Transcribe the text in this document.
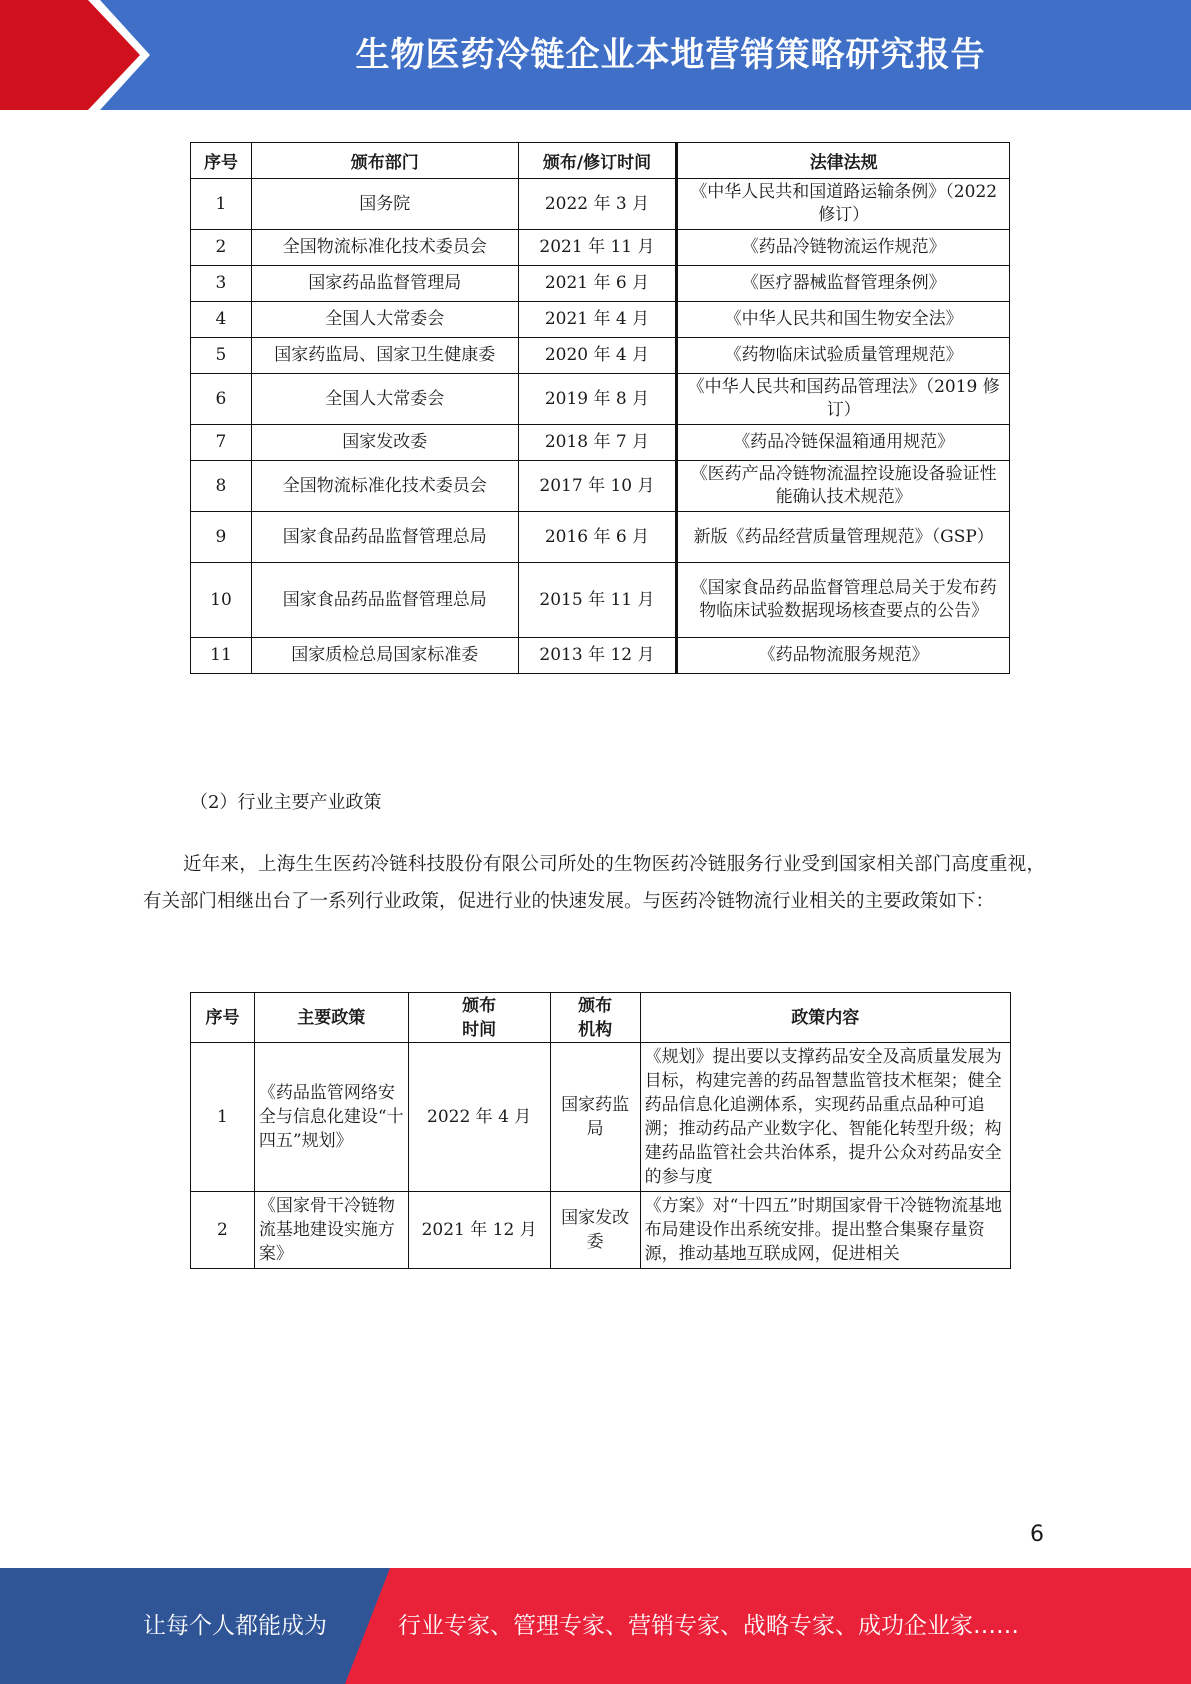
生物医药冷链企业本地营销策略研究报告
序号	颁布部门	颁布/修订时间	法律法规
1	国务院	2022 年 3 月	《中华人民共和国道路运输条例》（2022 修订）
2	全国物流标准化技术委员会	2021 年 11 月	《药品冷链物流运作规范》
3	国家药品监督管理局	2021 年 6 月	《医疗器械监督管理条例》
4	全国人大常委会	2021 年 4 月	《中华人民共和国生物安全法》
5	国家药监局、国家卫生健康委	2020 年 4 月	《药物临床试验质量管理规范》
6	全国人大常委会	2019 年 8 月	《中华人民共和国药品管理法》（2019 修订）
7	国家发改委	2018 年 7 月	《药品冷链保温箱通用规范》
8	全国物流标准化技术委员会	2017 年 10 月	《医药产品冷链物流温控设施设备验证性能确认技术规范》
9	国家食品药品监督管理总局	2016 年 6 月	新版《药品经营质量管理规范》（GSP）
10	国家食品药品监督管理总局	2015 年 11 月	《国家食品药品监督管理总局关于发布药物临床试验数据现场核查要点的公告》
11	国家质检总局国家标准委	2013 年 12 月	《药品物流服务规范》
（2）行业主要产业政策

近年来，上海生生医药冷链科技股份有限公司所处的生物医药冷链服务行业受到国家相关部门高度重视，有关部门相继出台了一系列行业政策，促进行业的快速发展。与医药冷链物流行业相关的主要政策如下：

序号	主要政策	颁布时间	颁布机构	政策内容
1	《药品监管网络安全与信息化建设“十四五”规划》	2022 年 4 月	国家药监局	《规划》提出要以支撑药品安全及高质量发展为目标，构建完善的药品智慧监管技术框架；健全药品信息化追溯体系，实现药品重点品种可追溯；推动药品产业数字化、智能化转型升级；构建药品监管社会共治体系，提升公众对药品安全的参与度
2	《国家骨干冷链物流基地建设实施方案》	2021 年 12 月	国家发改委	《方案》对“十四五”时期国家骨干冷链物流基地布局建设作出系统安排。提出整合集聚存量资源，推动基地互联成网，促进相关
6
让每个人都能成为	行业专家、管理专家、营销专家、战略专家、成功企业家……
